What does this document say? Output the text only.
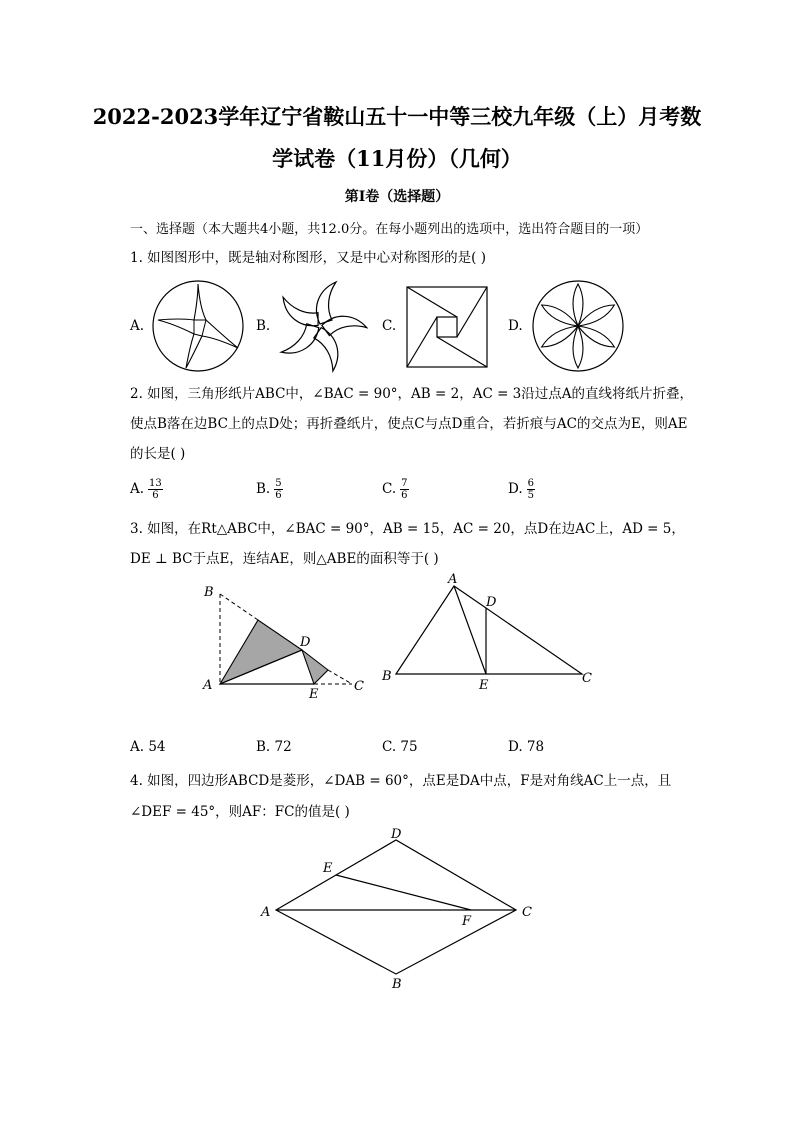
2022-2023学年辽宁省鞍山五十一中等三校九年级（上）月考数
学试卷（11月份）（几何）
第I卷（选择题）
一、选择题（本大题共4小题，共12.0分。在每小题列出的选项中，选出符合题目的一项）
1. 如图图形中，既是轴对称图形，又是中心对称图形的是( )
A.	B.	C.	D.
2. 如图，三角形纸片ABC中，∠BAC = 90°，AB = 2，AC = 3沿过点A的直线将纸片折叠，
使点B落在边BC上的点D处；再折叠纸片，使点C与点D重合，若折痕与AC的交点为E，则AE
的长是( )
A. $\frac{13}{6}$	B. $\frac{5}{6}$	C. $\frac{7}{6}$	D. $\frac{6}{5}$
3. 如图，在Rt△ABC中，∠BAC = 90°，AB = 15，AC = 20，点D在边AC上，AD = 5，
DE ⊥ BC于点E，连结AE，则△ABE的面积等于( )
B
A
D
E
C
A
D
B
E	C
A. 54	B. 72	C. 75	D. 78
4. 如图，四边形ABCD是菱形，∠DAB = 60°，点E是DA中点，F是对角线AC上一点，且
∠DEF = 45°，则AF：FC的值是( )
D
E
A
F
C
B
